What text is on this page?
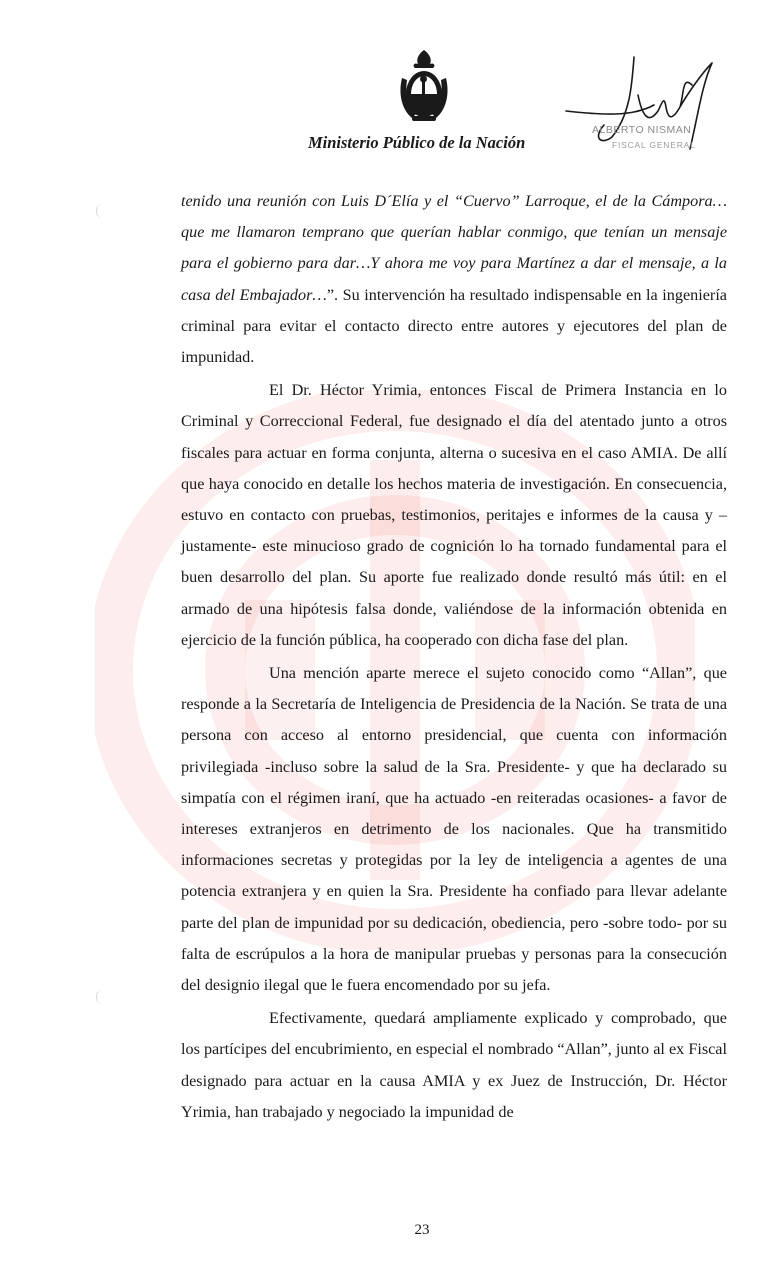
Ministerio Público de la Nación
ALBERTO NISMAN
FISCAL GENERAL

tenido una reunión con Luis D´Elía y el “Cuervo” Larroque, el de la Cámpora…que me llamaron temprano que querían hablar conmigo, que tenían un mensaje para el gobierno para dar…Y ahora me voy para Martínez a dar el mensaje, a la casa del Embajador…”. Su intervención ha resultado indispensable en la ingeniería criminal para evitar el contacto directo entre autores y ejecutores del plan de impunidad.

El Dr. Héctor Yrimia, entonces Fiscal de Primera Instancia en lo Criminal y Correccional Federal, fue designado el día del atentado junto a otros fiscales para actuar en forma conjunta, alterna o sucesiva en el caso AMIA. De allí que haya conocido en detalle los hechos materia de investigación. En consecuencia, estuvo en contacto con pruebas, testimonios, peritajes e informes de la causa y –justamente- este minucioso grado de cognición lo ha tornado fundamental para el buen desarrollo del plan. Su aporte fue realizado donde resultó más útil: en el armado de una hipótesis falsa donde, valiéndose de la información obtenida en ejercicio de la función pública, ha cooperado con dicha fase del plan.

Una mención aparte merece el sujeto conocido como “Allan”, que responde a la Secretaría de Inteligencia de Presidencia de la Nación. Se trata de una persona con acceso al entorno presidencial, que cuenta con información privilegiada -incluso sobre la salud de la Sra. Presidente- y que ha declarado su simpatía con el régimen iraní, que ha actuado -en reiteradas ocasiones- a favor de intereses extranjeros en detrimento de los nacionales. Que ha transmitido informaciones secretas y protegidas por la ley de inteligencia a agentes de una potencia extranjera y en quien la Sra. Presidente ha confiado para llevar adelante parte del plan de impunidad por su dedicación, obediencia, pero -sobre todo- por su falta de escrúpulos a la hora de manipular pruebas y personas para la consecución del designio ilegal que le fuera encomendado por su jefa.

Efectivamente, quedará ampliamente explicado y comprobado, que los partícipes del encubrimiento, en especial el nombrado “Allan”, junto al ex Fiscal designado para actuar en la causa AMIA y ex Juez de Instrucción, Dr. Héctor Yrimia, han trabajado y negociado la impunidad de

23
